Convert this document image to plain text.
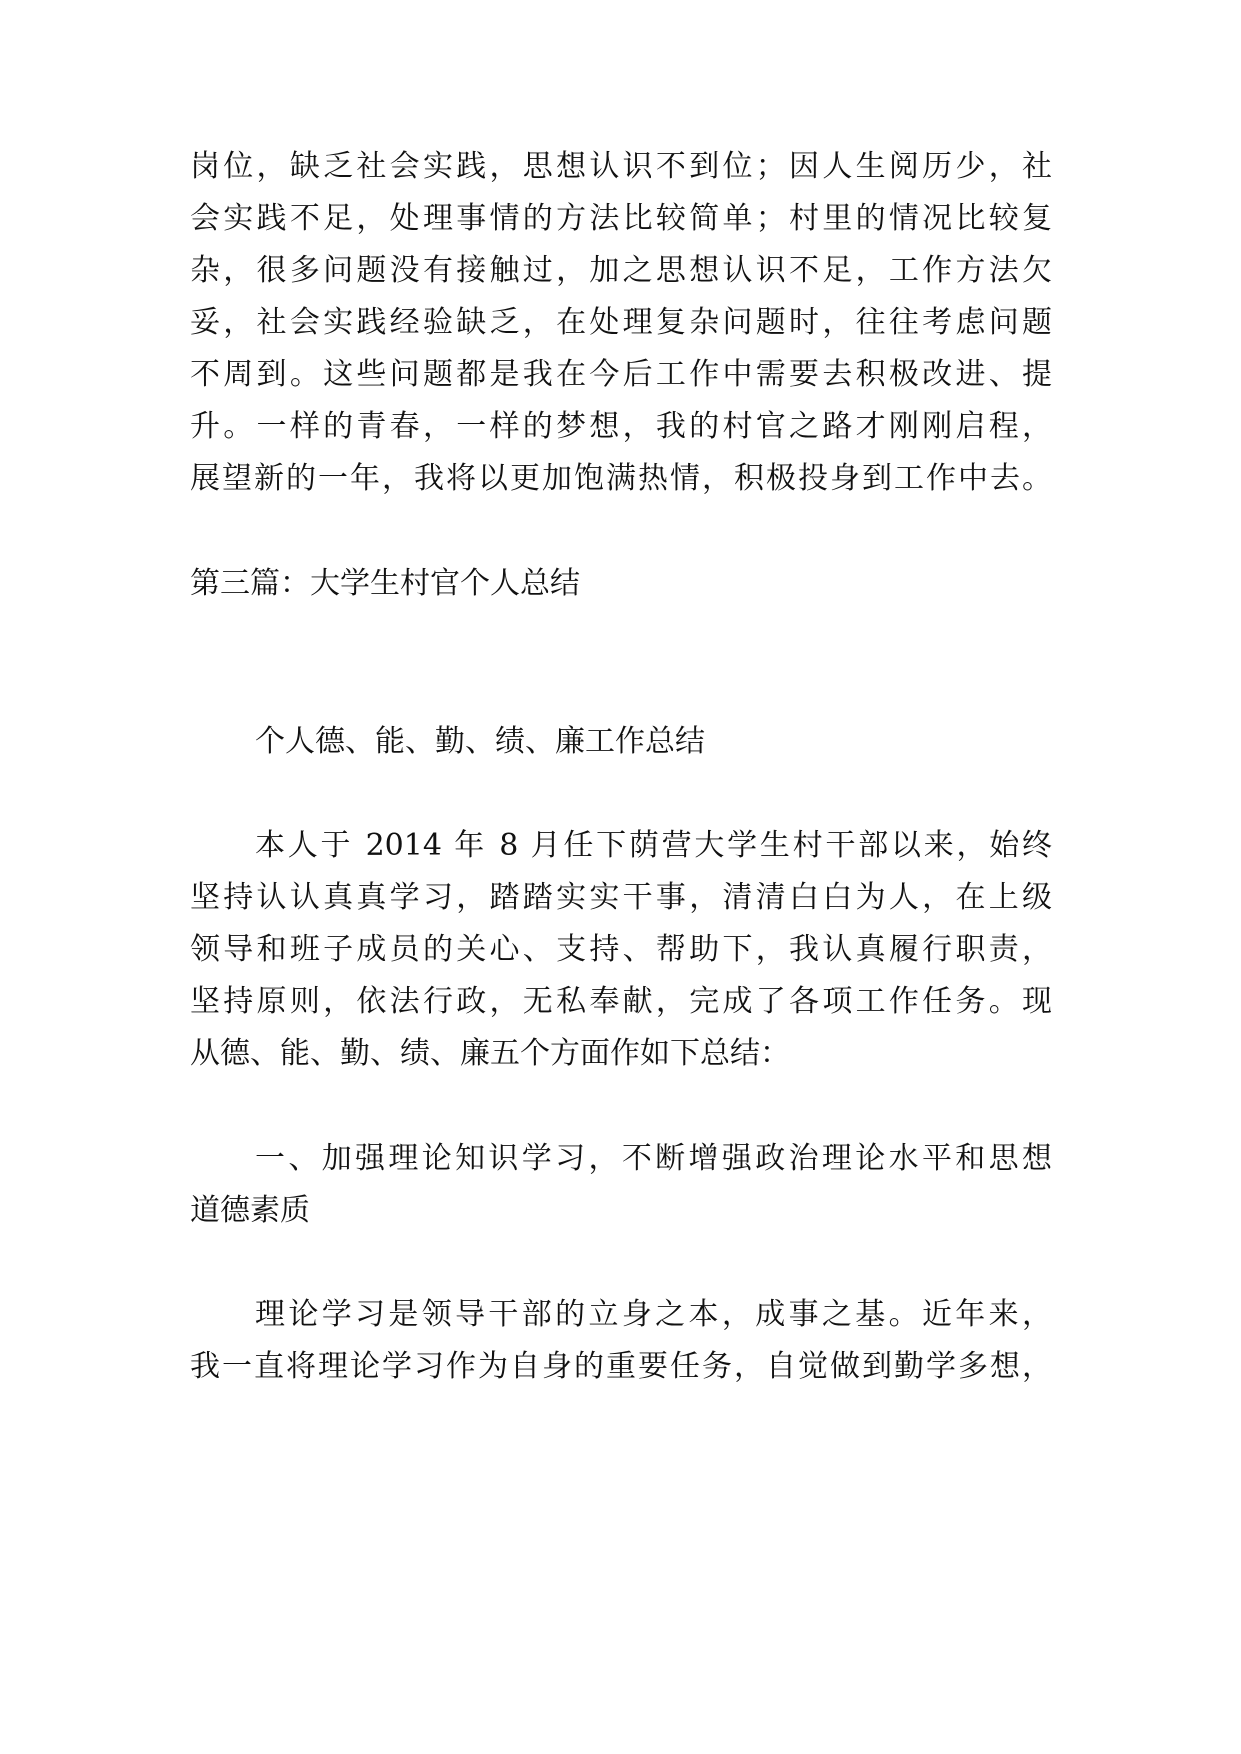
岗位，缺乏社会实践，思想认识不到位；因人生阅历少，社
会实践不足，处理事情的方法比较简单；村里的情况比较复
杂，很多问题没有接触过，加之思想认识不足，工作方法欠
妥，社会实践经验缺乏，在处理复杂问题时，往往考虑问题
不周到。这些问题都是我在今后工作中需要去积极改进、提
升。一样的青春，一样的梦想，我的村官之路才刚刚启程，
展望新的一年，我将以更加饱满热情，积极投身到工作中去。
第三篇：大学生村官个人总结
个人德、能、勤、绩、廉工作总结
本人于 2014 年 8 月任下荫营大学生村干部以来，始终
坚持认认真真学习，踏踏实实干事，清清白白为人，在上级
领导和班子成员的关心、支持、帮助下，我认真履行职责，
坚持原则，依法行政，无私奉献，完成了各项工作任务。现
从德、能、勤、绩、廉五个方面作如下总结：
一、加强理论知识学习，不断增强政治理论水平和思想
道德素质
理论学习是领导干部的立身之本，成事之基。近年来，
我一直将理论学习作为自身的重要任务，自觉做到勤学多想，
